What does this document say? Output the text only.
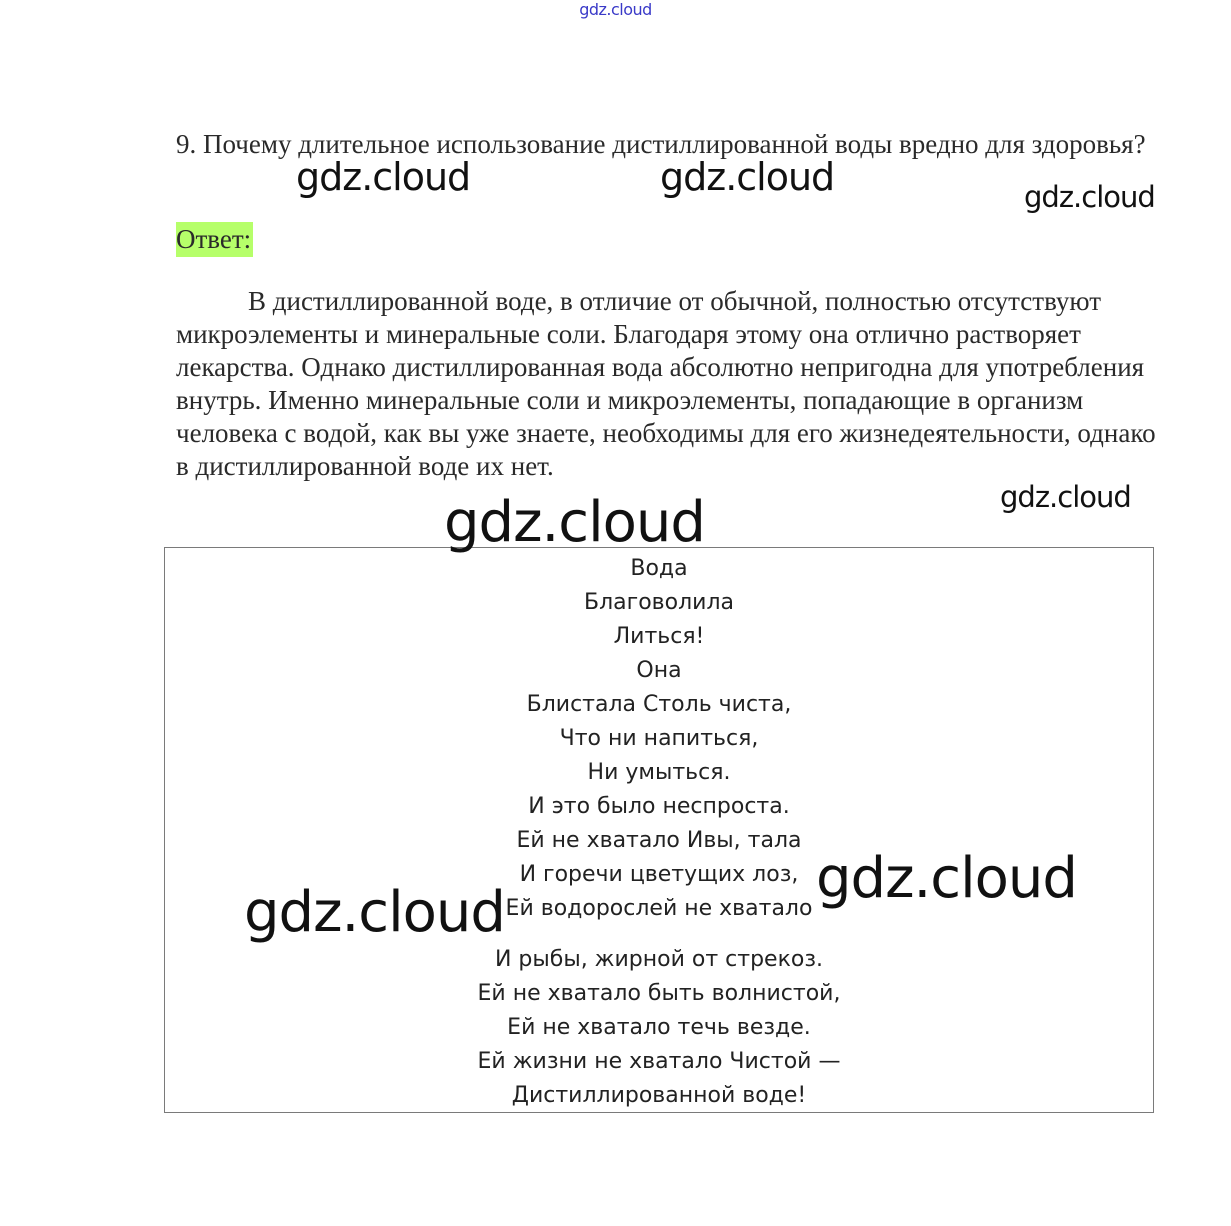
gdz.cloud
9. Почему длительное использование дистиллированной воды вредно для здоровья?
Ответ:
В дистиллированной воде, в отличие от обычной, полностью отсутствуют микроэлементы и минеральные соли. Благодаря этому она отлично растворяет лекарства. Однако дистиллированная вода абсолютно непригодна для употребления внутрь. Именно минеральные соли и микроэлементы, попадающие в организм человека с водой, как вы уже знаете, необходимы для его жизнедеятельности, однако в дистиллированной воде их нет.
Вода
Благоволила
Литься!
Она
Блистала Столь чиста,
Что ни напиться,
Ни умыться.
И это было неспроста.
Ей не хватало Ивы, тала
И горечи цветущих лоз,
Ей водорослей не хватало
И рыбы, жирной от стрекоз.
Ей не хватало быть волнистой,
Ей не хватало течь везде.
Ей жизни не хватало Чистой —
Дистиллированной воде!
gdz.cloud	gdz.cloud	gdz.cloud
gdz.cloud
gdz.cloud
gdz.cloud
gdz.cloud
